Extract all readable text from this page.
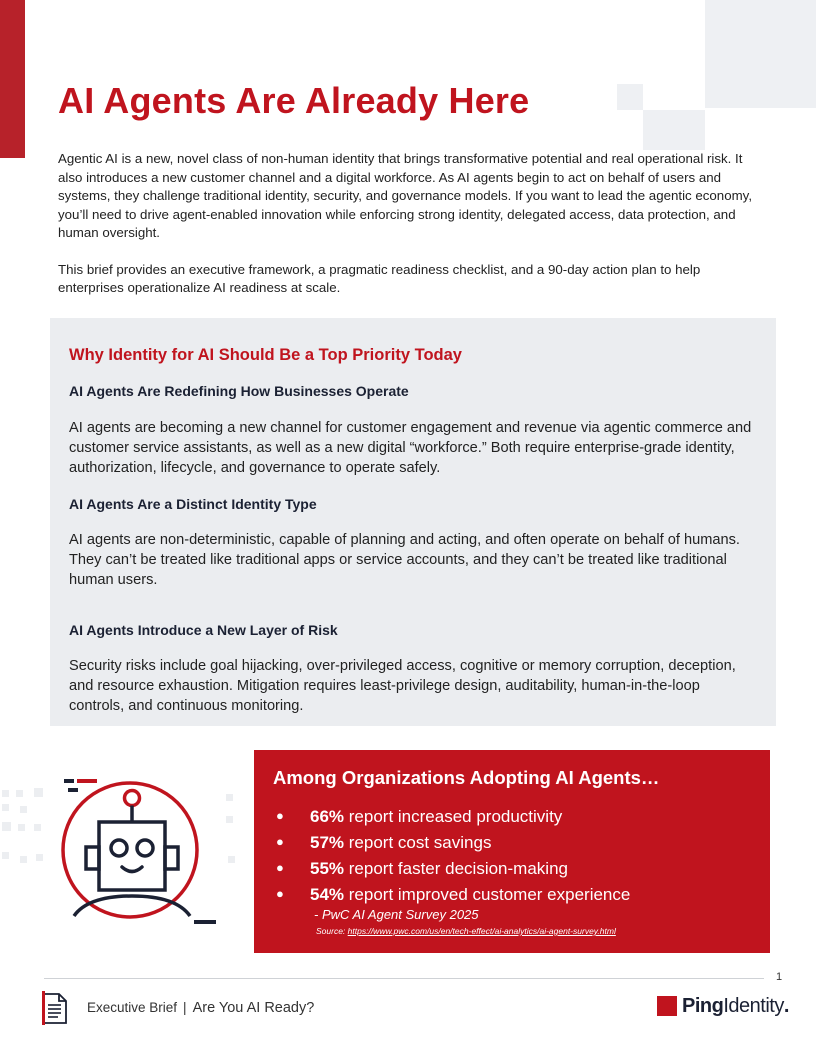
AI Agents Are Already Here

Agentic AI is a new, novel class of non-human identity that brings transformative potential and real operational risk. It also introduces a new customer channel and a digital workforce. As AI agents begin to act on behalf of users and systems, they challenge traditional identity, security, and governance models. If you want to lead the agentic economy, you’ll need to drive agent-enabled innovation while enforcing strong identity, delegated access, data protection, and human oversight.

This brief provides an executive framework, a pragmatic readiness checklist, and a 90-day action plan to help enterprises operationalize AI readiness at scale.

Why Identity for AI Should Be a Top Priority Today
AI Agents Are Redefining How Businesses Operate

AI agents are becoming a new channel for customer engagement and revenue via agentic commerce and customer service assistants, as well as a new digital “workforce.” Both require enterprise-grade identity, authorization, lifecycle, and governance to operate safely.

AI Agents Are a Distinct Identity Type

AI agents are non-deterministic, capable of planning and acting, and often operate on behalf of humans. They can’t be treated like traditional apps or service accounts, and they can’t be treated like traditional human users.

AI Agents Introduce a New Layer of Risk

Security risks include goal hijacking, over-privileged access, cognitive or memory corruption, deception, and resource exhaustion. Mitigation requires least-privilege design, auditability, human-in-the-loop controls, and continuous monitoring.

Among Organizations Adopting AI Agents…
● 66% report increased productivity
● 57% report cost savings
● 55% report faster decision-making
● 54% report improved customer experience
- PwC AI Agent Survey 2025
Source: https://www.pwc.com/us/en/tech-effect/ai-analytics/ai-agent-survey.html
1
Executive Brief | Are You AI Ready?	PingIdentity.
